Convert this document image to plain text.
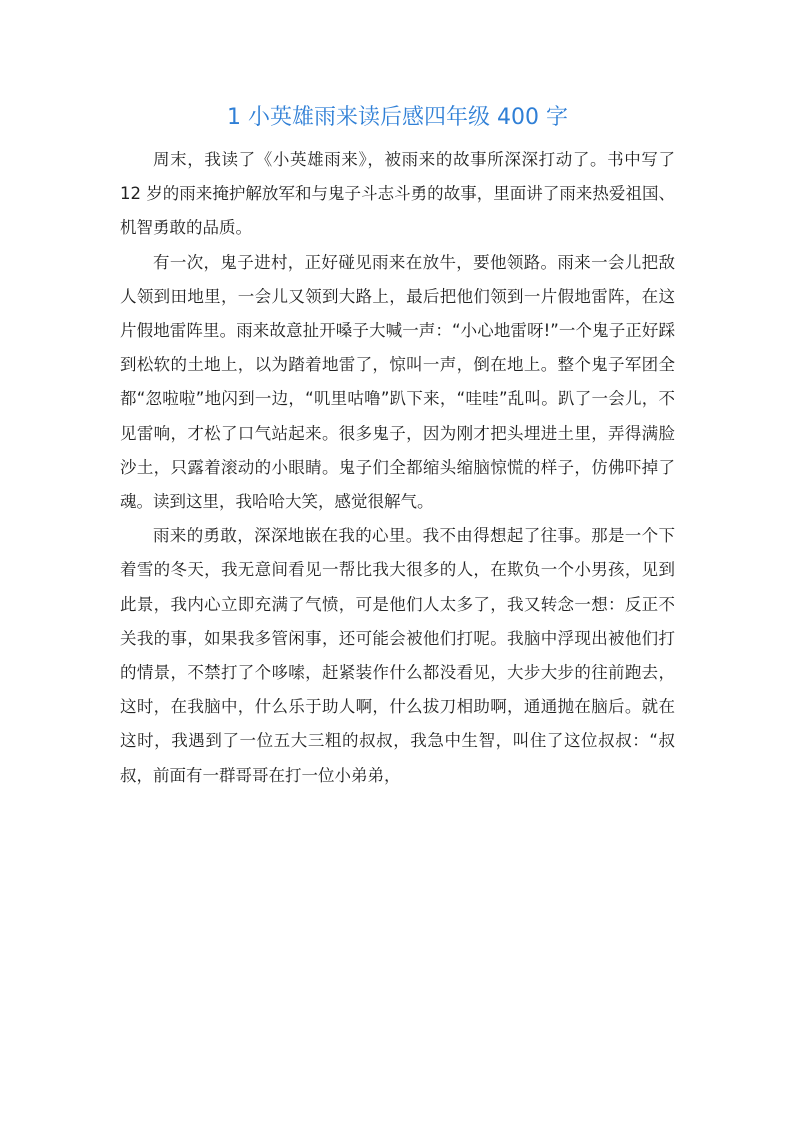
1 小英雄雨来读后感四年级 400 字

周末，我读了《小英雄雨来》，被雨来的故事所深深打动了。书中写了 12 岁的雨来掩护解放军和与鬼子斗志斗勇的故事，里面讲了雨来热爱祖国、机智勇敢的品质。

有一次，鬼子进村，正好碰见雨来在放牛，要他领路。雨来一会儿把敌人领到田地里，一会儿又领到大路上，最后把他们领到一片假地雷阵，在这片假地雷阵里。雨来故意扯开嗓子大喊一声：“小心地雷呀!”一个鬼子正好踩到松软的土地上，以为踏着地雷了，惊叫一声，倒在地上。整个鬼子军团全都“忽啦啦”地闪到一边，“叽里咕噜”趴下来，“哇哇”乱叫。趴了一会儿，不见雷响，才松了口气站起来。很多鬼子，因为刚才把头埋进土里，弄得满脸沙土，只露着滚动的小眼睛。鬼子们全都缩头缩脑惊慌的样子，仿佛吓掉了魂。读到这里，我哈哈大笑，感觉很解气。

雨来的勇敢，深深地嵌在我的心里。我不由得想起了往事。那是一个下着雪的冬天，我无意间看见一帮比我大很多的人，在欺负一个小男孩，见到此景，我内心立即充满了气愤，可是他们人太多了，我又转念一想：反正不关我的事，如果我多管闲事，还可能会被他们打呢。我脑中浮现出被他们打的情景，不禁打了个哆嗦，赶紧装作什么都没看见，大步大步的往前跑去，这时，在我脑中，什么乐于助人啊，什么拔刀相助啊，通通抛在脑后。就在这时，我遇到了一位五大三粗的叔叔，我急中生智，叫住了这位叔叔：“叔叔，前面有一群哥哥在打一位小弟弟，
